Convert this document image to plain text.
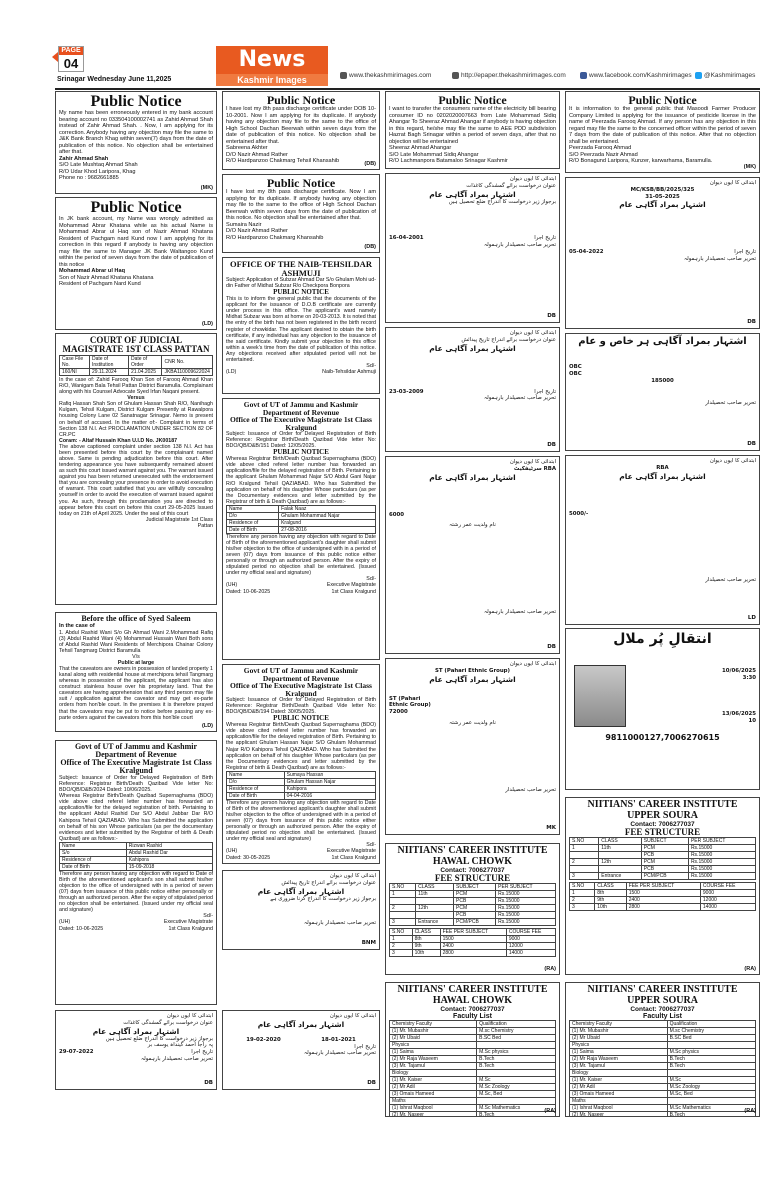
PAGE
04
Srinagar Wednesday June 11,2025
News
Kashmir Images	www.thekashmirimages.com	http://epaper.thekashmirimages.com	www.facebook.com/Kashmirimages	@Kashmirimages
Public Notice
My name has been erroneously entered in my bank account bearing account no 033504100002741 as Zahid Ahmad Shah instead of Zahir Ahmad Shah. . Now, I am applying for its correction. Anybody having any objection may file the same to J&K Bank Branch Khag within seven(7) days from the date of publication of this notice. No objection shall be entertained after that.
Zahir Ahmad Shah
S/O Late Mushtaq Ahmad Shah
R/O Udar Khod Laripora, Khag
Phone no : 9682661885
(MK)
Public Notice
In JK bank account, my Name was wrongly admitted as Mohammad Abrar Khatana while as his actual Name is Mohammad Abrar ul Haq son of Nazir Ahmad Khatana Resident of Pachgam nard Kund now I am applying for its correction in this regard if anybody is having any objection may file the same to Manager JK Bank Waltangoo Kund within the period of seven days from the date of publication of this notice
Mohammad Abrar ul Haq
Son of Nazir Ahmad Khatana Khatana
Resident of Pachgam Nard Kund
(LD)
COURT OF JUDICIAL MAGISTRATE 1ST CLASS PATTAN
Case File No.	Date of Institution	Date of Order	CNR No.
160/NI	29.11.2024	21.04.2025	JKBA110009622024
In the case of: Zahid Farooq Khan Son of Farooq Ahmad Khan R/O, Wanigam Bala Tehsil Pattan District Baramulla. Complainant along with his Counsel Advocate Syed Irfan Naqani present.
Versus
Rafiq Hassan Shah Son of Ghulam Hassan Shah R/O, Nanihagh Kulgam, Tehsil Kulgam, District Kulgam Presently at Rawalpora housing Colony Lane 02 Sanatnagar Srinagar. Nemo is present on behalf of accused. In the matter of:- Complaint in terms of Section 138 N.I. Act PROCLAMATION UNDER SECTION 82 OF CR.PC
Coram: - Altaf Hussain Khan U.I.D No. JK00187
The above captioned complaint under section 138 N.I. Act has been presented before this court by the complainant named above. Same is pending adjudication before this court. After tendering appearance you have subsequently remained absent as such this court issued warrant against you. The warrant issued against you has been returned unexecuted with the endorsement that you are concealing your presence in order to avoid execution of warrant. This court satisfied that you are willfully concealing yourself in order to avoid the execution of warrant issued against you. As such, through this proclamation you are directed to appear before this court on before this court 29-05-2025 Issued today on 21th of April 2025. Under the seal of this court
Judicial Magistrate 1st Class
Pattan
Before the office of Syed Saleem
In the case of
1. Abdul Rashid Wani S/o Gh Ahmad Wani 2.Mohammad Rafiq (3) Abdul Rashid Wani (4) Mohammad Hussain Wani Both sons of Abdul Rashid Wani Residents of Merchipora Chainar Colony Tehsil Tangmarg District Baramulla
V/s
Public at large
That the caveators are owners in possession of landed property 1 kanal along with residential house at merchipora tehsil Tangmarg whereas in possession of the applicant, the applicant has also construct stainless house over his proprietary land. That the caveators are having apprehension that any third person may file suit / application against the caveator and may get ex-parte orders from hon'ble court. In the premises it is therefore prayed that the caveators may be put to notice before passing any ex-parte orders against the caveators from this hon'ble court
(LD)
Govt of UT of Jammu and Kashmir
Department of Revenue
Office of The Executive Magistrate 1st Class Kralgund
Subject: Issuance of Order for Delayed Registration of Birth Reference: Registrar Birth/Death Qazibad Vide letter No: BDO/QB/D&B/2024 Dated: 10/06/2025.
Whereas Registrar Birth/Death Qazibad Supernaghama (BDO) vide above cited referel letter number has forwarded an application/file for the delayed registration of birth. Pertaining to the applicant Abdul Rashid Dar S/O Abdul Jabbar Dar R/O Kahipora Tehsil QAZIABAD. Who has Submitted the application on behalf of his son Whose particulars (as per the documentary evidences and letter submitted by the Registrar of birth & Death Qazibad) are as follows:-
Name	Rizwan Rashid
S/o	Abdul Rashid Dar
Residence of	Kahipora
Date of Birth	15-09-2018
Therefore any person having any objection with regard to Date of Birth of the aforementioned applicant's son shall submit his/her objection to the office of undersigned with in a period of seven (07) days from issuance of this public notice either personally or through an authorized person. After the expiry of stipulated period no objection shall be entertained. (Issued under my official seal and signature)
Sd/-
(UH)	Executive Magistrate
Dated: 10-06-2025	1st Class Kralgund
ابتدائی کا ایوں دیوان
عنوان درخواست برائے گمشدگی کاغذات
اشتہار بمراد آگاہی عام
برجواز زیر درخواست کا اندراج ضلع تحصیل ہیں
پہ راجا احمد گینداہ یوسف بر
29-07-2022	تاریخ اجرا
تحریر صاحب تحصیلدار بارہمولہ
DB
Public Notice
I have lost my 8th pass discharge certificate under DOB 10-10-2001. Now I am applying for its duplicate. If anybody having any objection may file to the same to the office of High School Dachan Beerwah within seven days from the date of publication of this notice. No objection shall be entertained after that.
Sabreena Akhter
D/O Nazir Ahmad Rather
R/O Hardpanzoo Chakmarg Tehsil Khansahib	(DB)
Public Notice
I have lost my 8th pass discharge certificate. Now I am applying for its duplicate. If anybody having any objection may file to the same to the office of High School Dachan Beerwah within seven days from the date of publication of this notice. No objection shall be entertained after that.
Sumaira Nazir
D/O Nazir Ahmad Rather
R/O Hardpanzoo Chakmarg Khansahib
(DB)
OFFICE OF THE NAIB-TEHSILDAR ASHMUJI
Subject: Application of Subzar Ahmad Dar S/o Ghulam Mohi ud-din Father of Midhat Subzar R/o Checkpora Bonpora
PUBLIC NOTICE
This is to inform the general public that the documents of the applicant for the issuance of D.O.B certificate are currently under process in this office. The applicant's ward namely Midhat Subzar was born at home on 20-03-2013. It is noted that the entry of the birth has not been registered in the birth record register of chowkidar. The applicant desired to obtain the birth certificate, if any individual has any objection to the issuance of the said certificate. Kindly submit your objection to this office within a week's time from the date of publication of this notice. Any objections received after stipulated period will not be entertained.
Sd/-
(LD)	Naib-Tehsildar Ashmuji
Govt of UT of Jammu and Kashmir
Department of Revenue
Office of The Executive Magistrate 1st Class Kralgund
Subject: Issuance of Order for Delayed Registration of Birth Reference: Registrar Birth/Death Qazibad Vide letter No: BDO/QB/D&B/151 Dated: 12/05/2025.
PUBLIC NOTICE
Whereas Registrar Birth/Death Qazibad Supernaghama (BDO) vide above cited referel letter number has forwarded an application/file for the delayed registration of Birth. Pertaining to the applicant Ghulam Mohammad Najar S/O Abdul Gani Najar R/O Kralgund Tehsil QAZIABAD. Who has Submitted the application on behalf of his daughter Whose particulars (as per the Documentary evidences and letter submitted by the Registrar of birth & Death Qazibad) are as follows:-
Name	Falak Naaz
D/o	Ghulam Mohammad Najar
Residence of	Kralgund
Date of Birth	27-08-2016
Therefore any person having any objection with regard to Date of Birth of the aforementioned applicant's daughter shall submit his/her objection to the office of undersigned with in a period of seven (07) days from issuance of this public notice either personally or through an authorized person. After the expiry of stipulated period no objection shall be entertained. (Issued under my official seal and signature)
Sd/-
(UH)	Executive Magistrate
Dated: 10-06-2025	1st Class Kralgund
Govt of UT of Jammu and Kashmir
Department of Revenue
Office of The Executive Magistrate 1st Class Kralgund
Subject: Issuance of Order for Delayed Registration of Birth Reference: Registrar Birth/Death Qazibad Vide letter No: BDO/QB/D&B/194 Dated: 30/05/2025.
PUBLIC NOTICE
Whereas Registrar Birth/Death Qazibad Supernaghama (BDO) vide above cited referel letter number has forwarded an application/file for the delayed registration of Birth. Pertaining to the applicant Ghulam Hassan Najar S/O Ghulam Mohammad Najar R/O Kahipora Tehsil QAZIABAD. Who has Submitted the application on behalf of his daughter Whose particulars (as per the Documentary evidences and letter submitted by the Registrar of birth & Death Qazibad) are as follows:-
Name	Sumaya Hassan
D/o	Ghulam Hassan Najar
Residence of	Kahipora
Date of Birth	04-04-2016
Therefore any person having any objection with regard to Date of Birth of the aforementioned applicant's daughter shall submit his/her objection to the office of undersigned with in a period of seven (07) days from issuance of this public notice either personally or through an authorized person. After the expiry of stipulated period no objection shall be entertained. (Issued under my official seal and signature)
Sd/-
(UH)	Executive Magistrate
Dated: 30-05-2025	1st Class Kralgund
ابتدائی کا ایوں دیوان
عنوان درخواست برائے اندراج تاریخ پیدائش
اشتہار بمراد آگاہی عام
برجواز زیر درخواست کا اندراج کرنا ضروری ہے
تحریر صاحب تحصیلدار بارہمولہ
BNM
ابتدائی کا ایوں دیوان
اشتہار بمراد آگاہی عام
19-02-2020	18-01-2021
تاریخ اجرا
تحریر صاحب تحصیلدار بارہمولہ
DB
Public Notice
I want to transfer the consumers name of the electricity bill bearing consumer ID no 0202020007663 from Late Mohammad Sidiq Ahangar To Sheeraz Ahmad Ahangar if anybody is having objection in this regard, he/she may file the same to AEE PDD subdivision Hazrat Bagh Srinagar within a period of seven days, after that no objection will be entertained
Sheeraz Ahmad Ahangar
S/O Late Mohammad Sidiq Ahangar
R/O Lachmanpora Batamaloo Srinagar Kashmir
ابتدائی کا ایوں دیوان
عنوان درخواست برائے گمشدگی کاغذات
اشتہار بمراد آگاہی عام
برجواز زیر درخواست کا اندراج ضلع تحصیل ہیں
16-04-2001	تاریخ اجرا
تحریر صاحب تحصیلدار بارہمولہ
DB
ابتدائی کا ایوں دیوان
عنوان درخواست برائے اندراج تاریخ پیدائش
اشتہار بمراد آگاہی عام
23-03-2009	تاریخ اجرا
تحریر صاحب تحصیلدار بارہمولہ
DB
ابتدائی کا ایوں دیوان
RBA سرٹیفکیٹ
اشتہار بمراد آگاہی عام
6000
نام ولدیت عمر رشتہ
تحریر صاحب تحصیلدار بارہمولہ
DB
ابتدائی کا ایوں دیوان
ST (Pahari Ethnic Group)
اشتہار بمراد آگاہی عام
ST (Pahari
Ethnic Group)
72000
نام ولدیت عمر رشتہ
تحریر صاحب تحصیلدار
MK
NIITIANS' CAREER INSTITUTE
HAWAL CHOWK
Contact: 7006277037
FEE STRUCTURE
S.NO	CLASS	SUBJECT	PER SUBJECT
1	11th	PCM	Rs.15000
		PCB	Rs.15000
2	12th	PCM	Rs.15000
		PCB	Rs.15000
3	Entrance	PCM/PCB	Rs.15000
S.NO	CLASS	FEE PER SUBJECT	COURSE FEE
1	8th	1500	9000
2	9th	2400	12000
3	10th	2800	14000
(RA)
NIITIANS' CAREER INSTITUTE
HAWAL CHOWK
Contact: 7006277037
Faculty List
Chemistry Faculty	Qualification
(1) Mr. Mubashir	M.sc Chemistry
(2) Mr Ubaid	B.SC Bed
Physics	
(1) Saima	M.Sc physics
(2) Mr Raja Waseem	B.Tech
(3) Mr. Tajamul	B.Tech
Biology	
(1) Mr. Kaiser	M.Sc
(2) Mr Adil	M.Sc Zoology
(3) Omais Hameed	M.Sc, Bed
Maths	
(1) Ishrat Maqbool	M.Sc Mathematics
(2) Mr. Naseer	B.Tech
(RA)
Public Notice
It is information to the general public that Masoodi Farmer Producer Company Limited is applying for the issuance of pesticide license in the name of Peerzada Farooq Ahmad. If any person has any objection in this regard may file the same to the concerned officer within the period of seven 7 days from the date of publication of this notice. After that no objection shall be entertained.
Peerzada Farooq Ahmad
S/O Peerzada Nazir Ahmad
R/O Bonagund Laripora, Kunzer, karwarhama, Baramulla.
(MK)
ابتدائی کا ایوں دیوان
MC/KSB/BB/2025/325
31-05-2025
اشتہار بمراد آگاہی عام
05-04-2022	تاریخ اجرا
تحریر صاحب تحصیلدار بارہمولہ
DB
اشتہار بمراد آگاہی ہر خاص و عام
OBC
OBC
185000
تحریر صاحب تحصیلدار
DB
ابتدائی کا ایوں دیوان
RBA
اشتہار بمراد آگاہی عام
5000/-
تحریر صاحب تحصیلدار
LD
انتقالِ پُر ملال
10/06/2025
3:30
13/06/2025
10
9811000127,7006270615
NIITIANS' CAREER INSTITUTE
UPPER SOURA
Contact: 7006277037
FEE STRUCTURE
S.NO	CLASS	SUBJECT	PER SUBJECT
1	11th	PCM	Rs.15000
		PCB	Rs.15000
2	12th	PCM	Rs.15000
		PCB	Rs.15000
3	Entrance	PCM/PCB	Rs.15000
S.NO	CLASS	FEE PER SUBJECT	COURSE FEE
1	8th	1500	9000
2	9th	2400	12000
3	10th	2800	14000
(RA)
NIITIANS' CAREER INSTITUTE
UPPER SOURA
Contact: 7006277037
Faculty List
Chemistry Faculty	Qualification
(1) Mr. Mubashir	M.sc Chemistry
(2) Mr Ubaid	B.SC Bed
Physics	
(1) Saima	M.Sc physics
(2) Mr Raja Waseem	B.Tech
(3) Mr. Tajamul	B.Tech
Biology	
(1) Mr. Kaiser	M.Sc
(2) Mr Adil	M.Sc Zoology
(3) Omais Hameed	M.Sc, Bed
Maths	
(1) Ishrat Maqbool	M.Sc Mathematics
(2) Mr. Naseer	B.Tech
(RA)
